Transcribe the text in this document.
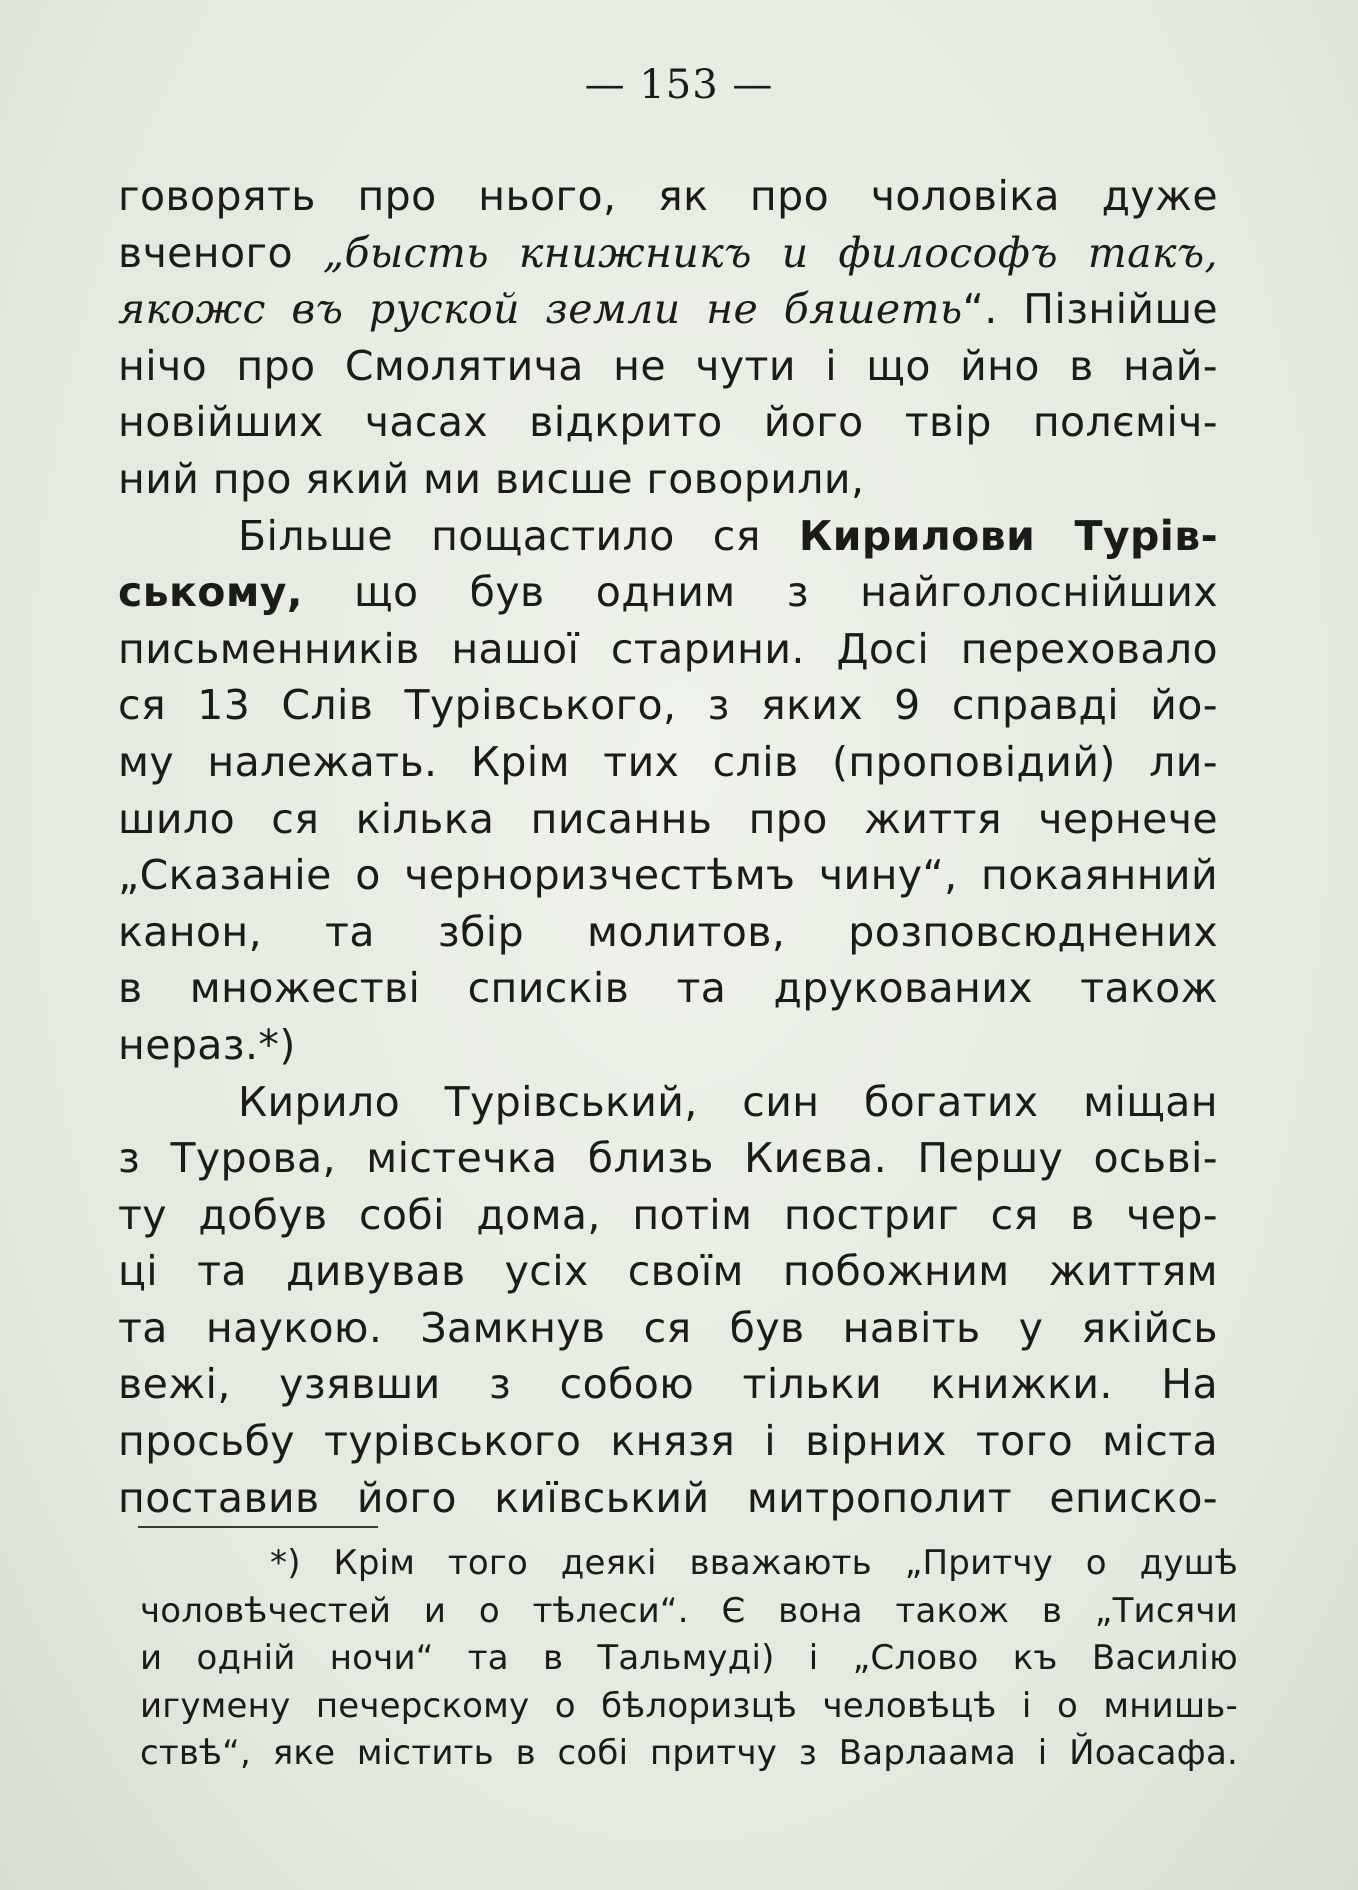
— 153 —
говорять про нього, як про чоловіка дуже
вченого „бысть книжникъ и философъ такъ,
якожс въ руской земли не бяшеть“. Пізнійше
нічо про Смолятича не чути і що йно в най-
новійших часах відкрито його твір полєміч-
ний про який ми висше говорили,
Більше пощастило ся Кирилови Турів-
ському, що був одним з найголоснійших
письменників нашої старини. Досі переховало
ся 13 Слів Турівського, з яких 9 справді йо-
му належать. Крім тих слів (проповідий) ли-
шило ся кілька писаннь про життя чернече
„Сказаніе о черноризчестѣмъ чину“, покаянний
канон, та збір молитов, розповсюднених
в множестві списків та друкованих також
нераз.*)
Кирило Турівський, син богатих міщан
з Турова, містечка близь Києва. Першу осьві-
ту добув собі дома, потім постриг ся в чер-
ці та дивував усіх своїм побожним життям
та наукою. Замкнув ся був навіть у якійсь
вежі, узявши з собою тільки книжки. На
просьбу турівського князя і вірних того міста
поставив його київський митрополит еписко-
*) Крім того деякі вважають „Притчу о душѣ
чоловѣчестей и о тѣлеси“. Є вона також в „Тисячи
и одній ночи“ та в Тальмуді) і „Слово къ Василію
игумену печерскому о бѣлоризцѣ человѣцѣ і о мнишь-
ствѣ“, яке містить в собі притчу з Варлаама і Йоасафа.
